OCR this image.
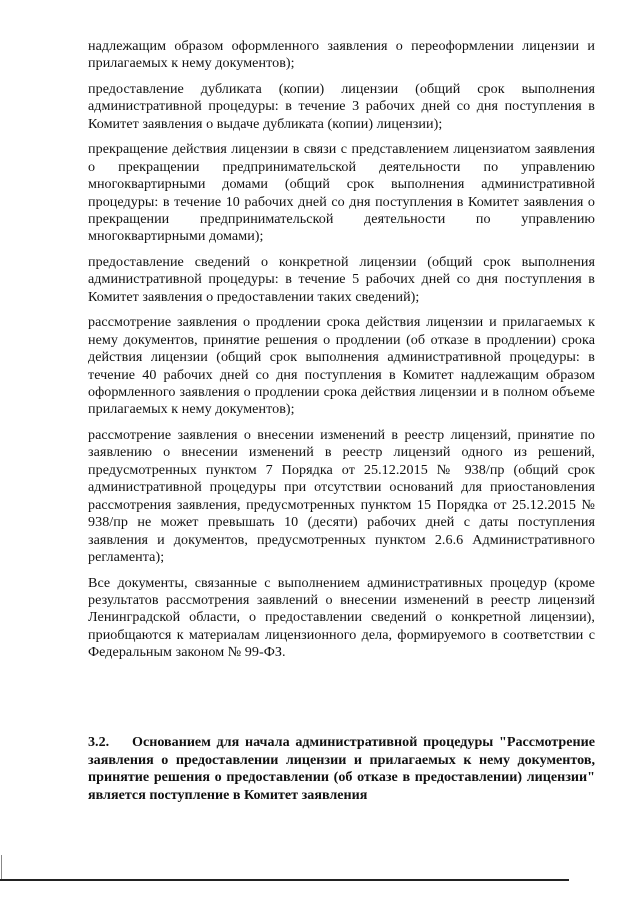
надлежащим образом оформленного заявления о переоформлении лицензии и прилагаемых к нему документов);

предоставление дубликата (копии) лицензии (общий срок выполнения административной процедуры: в течение 3 рабочих дней со дня поступления в Комитет заявления о выдаче дубликата (копии) лицензии);

прекращение действия лицензии в связи с представлением лицензиатом заявления о прекращении предпринимательской деятельности по управлению многоквартирными домами (общий срок выполнения административной процедуры: в течение 10 рабочих дней со дня поступления в Комитет заявления о прекращении предпринимательской деятельности по управлению многоквартирными домами);

предоставление сведений о конкретной лицензии (общий срок выполнения административной процедуры: в течение 5 рабочих дней со дня поступления в Комитет заявления о предоставлении таких сведений);

рассмотрение заявления о продлении срока действия лицензии и прилагаемых к нему документов, принятие решения о продлении (об отказе в продлении) срока действия лицензии (общий срок выполнения административной процедуры: в течение 40 рабочих дней со дня поступления в Комитет надлежащим образом оформленного заявления о продлении срока действия лицензии и в полном объеме прилагаемых к нему документов);

рассмотрение заявления о внесении изменений в реестр лицензий, принятие по заявлению о внесении изменений в реестр лицензий одного из решений, предусмотренных пунктом 7 Порядка от 25.12.2015 № 938/пр (общий срок административной процедуры при отсутствии оснований для приостановления рассмотрения заявления, предусмотренных пунктом 15 Порядка от 25.12.2015 № 938/пр не может превышать 10 (десяти) рабочих дней с даты поступления заявления и документов, предусмотренных пунктом 2.6.6 Административного регламента);

Все документы, связанные с выполнением административных процедур (кроме результатов рассмотрения заявлений о внесении изменений в реестр лицензий Ленинградской области, о предоставлении сведений о конкретной лицензии), приобщаются к материалам лицензионного дела, формируемого в соответствии с Федеральным законом № 99-ФЗ.

3.2. Основанием для начала административной процедуры "Рассмотрение заявления о предоставлении лицензии и прилагаемых к нему документов, принятие решения о предоставлении (об отказе в предоставлении) лицензии" является поступление в Комитет заявления
